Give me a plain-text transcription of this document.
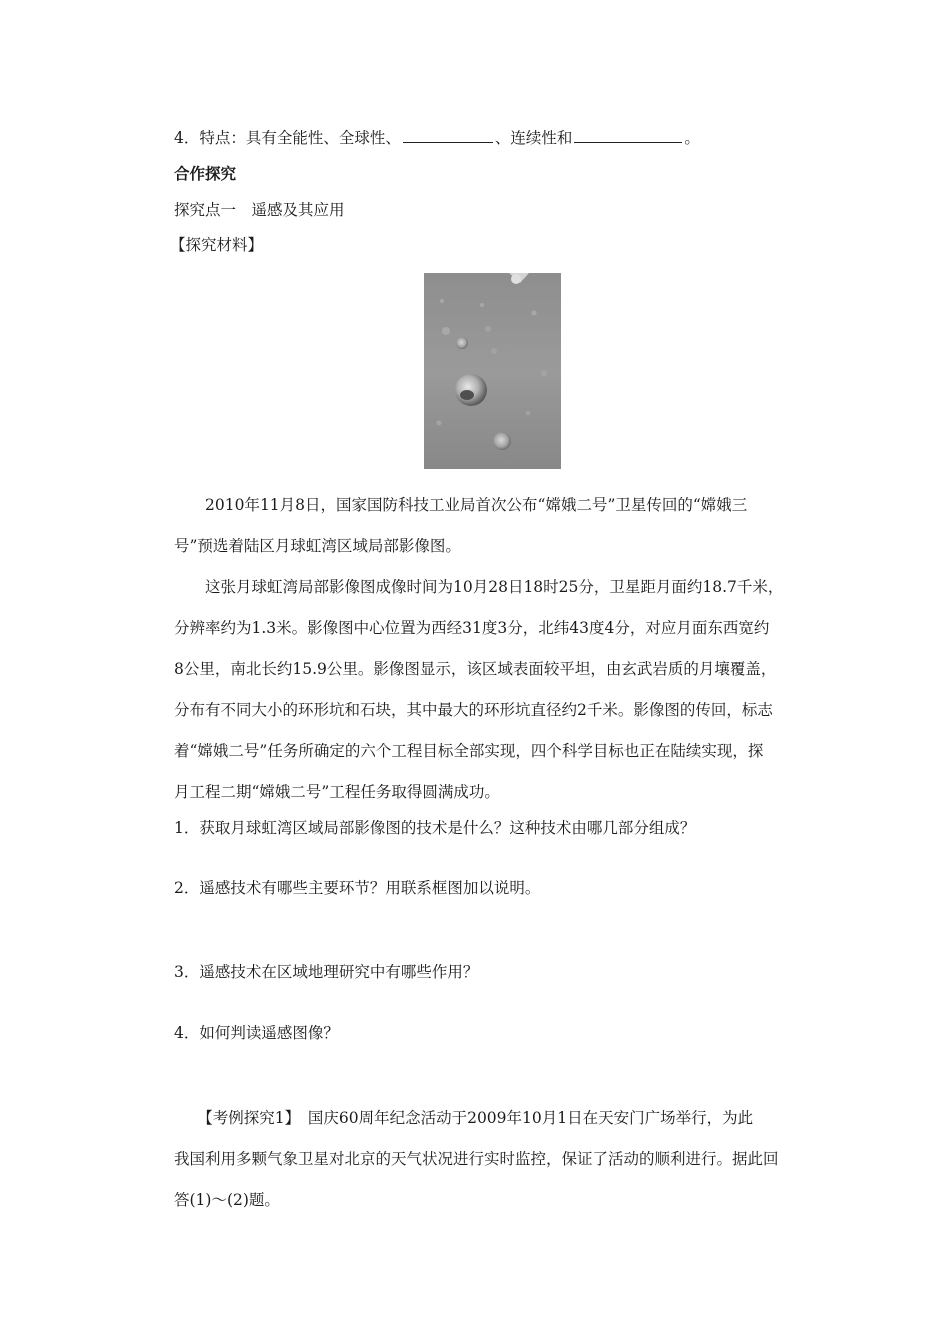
4．特点：具有全能性、全球性、	、连续性和	。
合作探究
探究点一　遥感及其应用
【探究材料】

　　2010年11月8日，国家国防科技工业局首次公布“嫦娥二号”卫星传回的“嫦娥三

号”预选着陆区月球虹湾区域局部影像图。

　　这张月球虹湾局部影像图成像时间为10月28日18时25分，卫星距月面约18.7千米，

分辨率约为1.3米。影像图中心位置为西经31度3分，北纬43度4分，对应月面东西宽约

8公里，南北长约15.9公里。影像图显示，该区域表面较平坦，由玄武岩质的月壤覆盖，

分布有不同大小的环形坑和石块，其中最大的环形坑直径约2千米。影像图的传回，标志

着“嫦娥二号”任务所确定的六个工程目标全部实现，四个科学目标也正在陆续实现，探

月工程二期“嫦娥二号”工程任务取得圆满成功。

1．获取月球虹湾区域局部影像图的技术是什么？这种技术由哪几部分组成？
2．遥感技术有哪些主要环节？用联系框图加以说明。
3．遥感技术在区域地理研究中有哪些作用？
4．如何判读遥感图像？

　　【考例探究1】　国庆60周年纪念活动于2009年10月1日在天安门广场举行，为此

我国利用多颗气象卫星对北京的天气状况进行实时监控，保证了活动的顺利进行。据此回

答(1)～(2)题。
